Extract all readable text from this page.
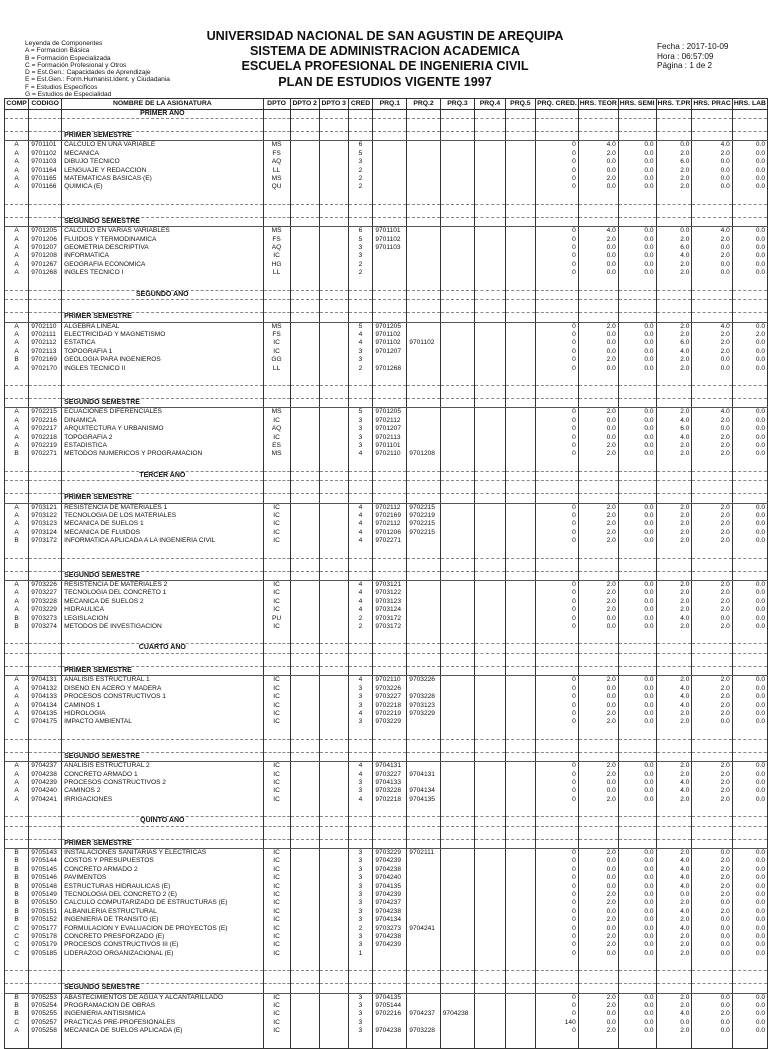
Leyenda de Componentes
A = Formacion Básica
B = Formación Especializada
C = Formación Profesional y Otros
D = Est.Gen.: Capacidades de Aprendizaje
E = Est.Gen.: Form.Humanist.Ident. y Ciudadania
F = Estudios Específicos
G = Estudios de Especialidad
UNIVERSIDAD NACIONAL DE SAN AGUSTIN DE AREQUIPA
SISTEMA DE ADMINISTRACION ACADEMICA
ESCUELA PROFESIONAL DE INGENIERIA CIVIL
PLAN DE ESTUDIOS VIGENTE 1997
Fecha : 2017-10-09
Hora : 06:57:09
Página : 1 de 2
COMP	CODIGO	NOMBRE DE LA ASIGNATURA	DPTO	DPTO 2	DPTO 3	CRED	PRQ.1	PRQ.2	PRQ.3	PRQ.4	PRQ.5	PRQ. CRED.	HRS. TEOR	HRS. SEMI	HRS. T.PR	HRS. PRAC	HRS. LAB
		PRIMER AÑO															

		PRIMER SEMESTRE															
A	9701101	CALCULO EN UNA VARIABLE	MS			6						0	4.0	0.0	0.0	4.0	0.0
A	9701102	MECANICA	FS			5						0	2.0	0.0	2.0	2.0	0.0
A	9701103	DIBUJO TECNICO	AQ			3						0	0.0	0.0	6.0	0.0	0.0
A	9701164	LENGUAJE Y REDACCION	LL			2						0	0.0	0.0	2.0	0.0	0.0
A	9701165	MATEMATICAS BASICAS (E)	MS			2						0	2.0	0.0	2.0	0.0	0.0
A	9701166	QUIMICA (E)	QU			2						0	0.0	0.0	2.0	0.0	0.0

		SEGUNDO SEMESTRE															
A	9701205	CALCULO EN VARIAS VARIABLES	MS			6	9701101					0	4.0	0.0	0.0	4.0	0.0
A	9701206	FLUIDOS Y TERMODINAMICA	FS			5	9701102					0	2.0	0.0	2.0	2.0	0.0
A	9701207	GEOMETRIA DESCRIPTIVA	AQ			3	9701103					0	0.0	0.0	6.0	0.0	0.0
A	9701208	INFORMATICA	IC			3						0	0.0	0.0	4.0	2.0	0.0
A	9701267	GEOGRAFIA ECONOMICA	HG			2						0	0.0	0.0	2.0	0.0	0.0
A	9701268	INGLES TECNICO I	LL			2						0	0.0	0.0	2.0	0.0	0.0

		SEGUNDO AÑO															

		PRIMER SEMESTRE															
A	9702110	ALGEBRA LINEAL	MS			5	9701205					0	2.0	0.0	2.0	4.0	0.0
A	9702111	ELECTRICIDAD Y MAGNETISMO	FS			4	9701102					0	0.0	0.0	2.0	2.0	2.0
A	9702112	ESTATICA	IC			4	9701102	9701102				0	0.0	0.0	6.0	2.0	0.0
A	9702113	TOPOGRAFIA 1	IC			3	9701207					0	0.0	0.0	4.0	2.0	0.0
B	9702169	GEOLOGIA PARA INGENIEROS	GG			3						0	2.0	0.0	2.0	0.0	0.0
A	9702170	INGLES TECNICO II	LL			2	9701268					0	0.0	0.0	2.0	0.0	0.0

		SEGUNDO SEMESTRE															
A	9702215	ECUACIONES DIFERENCIALES	MS			5	9701205					0	2.0	0.0	2.0	4.0	0.0
A	9702216	DINAMICA	IC			3	9702112					0	0.0	0.0	4.0	2.0	0.0
A	9702217	ARQUITECTURA Y URBANISMO	AQ			3	9701207					0	0.0	0.0	6.0	0.0	0.0
A	9702218	TOPOGRAFIA 2	IC			3	9702113					0	0.0	0.0	4.0	2.0	0.0
A	9702219	ESTADISTICA	ES			3	9701101					0	2.0	0.0	2.0	2.0	0.0
B	9702271	METODOS NUMERICOS Y PROGRAMACION	MS			4	9702110	9701208				0	2.0	0.0	2.0	2.0	0.0

		TERCER AÑO															

		PRIMER SEMESTRE															
A	9703121	RESISTENCIA DE MATERIALES 1	IC			4	9702112	9702215				0	2.0	0.0	2.0	2.0	0.0
A	9703122	TECNOLOGIA DE LOS MATERIALES	IC			4	9702169	9702219				0	2.0	0.0	2.0	2.0	0.0
A	9703123	MECANICA DE SUELOS 1	IC			4	9702112	9702215				0	2.0	0.0	2.0	2.0	0.0
A	9703124	MECANICA DE FLUIDOS	IC			4	9701206	9702215				0	2.0	0.0	2.0	2.0	0.0
B	9703172	INFORMATICA APLICADA A LA INGENIERIA CIVIL	IC			4	9702271					0	2.0	0.0	2.0	2.0	0.0

		SEGUNDO SEMESTRE															
A	9703226	RESISTENCIA DE MATERIALES 2	IC			4	9703121					0	2.0	0.0	2.0	2.0	0.0
A	9703227	TECNOLOGIA DEL CONCRETO 1	IC			4	9703122					0	2.0	0.0	2.0	2.0	0.0
A	9703228	MECANICA DE SUELOS 2	IC			4	9703123					0	2.0	0.0	2.0	2.0	0.0
A	9703229	HIDRAULICA	IC			4	9703124					0	2.0	0.0	2.0	2.0	0.0
B	9703273	LEGISLACION	PU			2	9703172					0	0.0	0.0	4.0	0.0	0.0
B	9703274	METODOS DE INVESTIGACION	IC			2	9703172					0	0.0	0.0	2.0	2.0	0.0

		CUARTO AÑO															

		PRIMER SEMESTRE															
A	9704131	ANALISIS ESTRUCTURAL 1	IC			4	9702110	9703226				0	2.0	0.0	2.0	2.0	0.0
A	9704132	DISENO EN ACERO Y MADERA	IC			3	9703226					0	0.0	0.0	4.0	2.0	0.0
A	9704133	PROCESOS CONSTRUCTIVOS 1	IC			3	9703227	9703228				0	0.0	0.0	4.0	2.0	0.0
A	9704134	CAMINOS 1	IC			3	9702218	9703123				0	0.0	0.0	4.0	2.0	0.0
A	9704135	HIDROLOGIA	IC			4	9702219	9703229				0	2.0	0.0	2.0	2.0	0.0
C	9704175	IMPACTO AMBIENTAL	IC			3	9703229					0	2.0	0.0	2.0	0.0	0.0

		SEGUNDO SEMESTRE															
A	9704237	ANALISIS ESTRUCTURAL 2	IC			4	9704131					0	2.0	0.0	2.0	2.0	0.0
A	9704238	CONCRETO ARMADO 1	IC			4	9703227	9704131				0	2.0	0.0	2.0	2.0	0.0
A	9704239	PROCESOS CONSTRUCTIVOS 2	IC			3	9704133					0	0.0	0.0	4.0	2.0	0.0
A	9704240	CAMINOS 2	IC			3	9703228	9704134				0	0.0	0.0	4.0	2.0	0.0
A	9704241	IRRIGACIONES	IC			4	9702218	9704135				0	2.0	0.0	2.0	2.0	0.0

		QUINTO AÑO															

		PRIMER SEMESTRE															
B	9705143	INSTALACIONES SANITARIAS Y ELECTRICAS	IC			3	9703229	9702111				0	2.0	0.0	2.0	0.0	0.0
B	9705144	COSTOS Y PRESUPUESTOS	IC			3	9704239					0	0.0	0.0	4.0	2.0	0.0
B	9705145	CONCRETO ARMADO 2	IC			3	9704238					0	0.0	0.0	4.0	2.0	0.0
B	9705146	PAVIMENTOS	IC			3	9704240					0	0.0	0.0	4.0	2.0	0.0
B	9705148	ESTRUCTURAS HIDRAULICAS (E)	IC			3	9704135					0	0.0	0.0	4.0	2.0	0.0
B	9705149	TECNOLOGIA DEL CONCRETO 2 (E)	IC			3	9704239					0	2.0	0.0	0.0	2.0	0.0
B	9705150	CALCULO COMPUTARIZADO DE ESTRUCTURAS (E)	IC			3	9704237					0	2.0	0.0	2.0	0.0	0.0
B	9705151	ALBANILERIA ESTRUCTURAL	IC			3	9704238					0	0.0	0.0	4.0	2.0	0.0
B	9705152	INGENIERIA DE TRANSITO (E)	IC			3	9704134					0	2.0	0.0	2.0	0.0	0.0
C	9705177	FORMULACION Y EVALUACION DE PROYECTOS (E)	IC			2	9703273	9704241				0	0.0	0.0	4.0	0.0	0.0
C	9705178	CONCRETO PRESFORZADO (E)	IC			3	9704238					0	2.0	0.0	2.0	0.0	0.0
C	9705179	PROCESOS CONSTRUCTIVOS III (E)	IC			3	9704239					0	2.0	0.0	2.0	0.0	0.0
C	9705185	LIDERAZGO ORGANIZACIONAL (E)	IC			1						0	0.0	0.0	2.0	0.0	0.0

		SEGUNDO SEMESTRE															
B	9705253	ABASTECIMIENTOS DE AGUA Y ALCANTARILLADO	IC			3	9704135					0	2.0	0.0	2.0	0.0	0.0
B	9705254	PROGRAMACION DE OBRAS	IC			3	9705144					0	2.0	0.0	2.0	0.0	0.0
B	9705255	INGENIERIA ANTISISMICA	IC			3	9702216	9704237	9704238			0	0.0	0.0	4.0	2.0	0.0
C	9705257	PRACTICAS PRE-PROFESIONALES	IC			3						140	0.0	0.0	0.0	0.0	0.0
A	9705258	MECANICA DE SUELOS APLICADA (E)	IC			3	9704238	9703228				0	2.0	0.0	2.0	0.0	0.0
